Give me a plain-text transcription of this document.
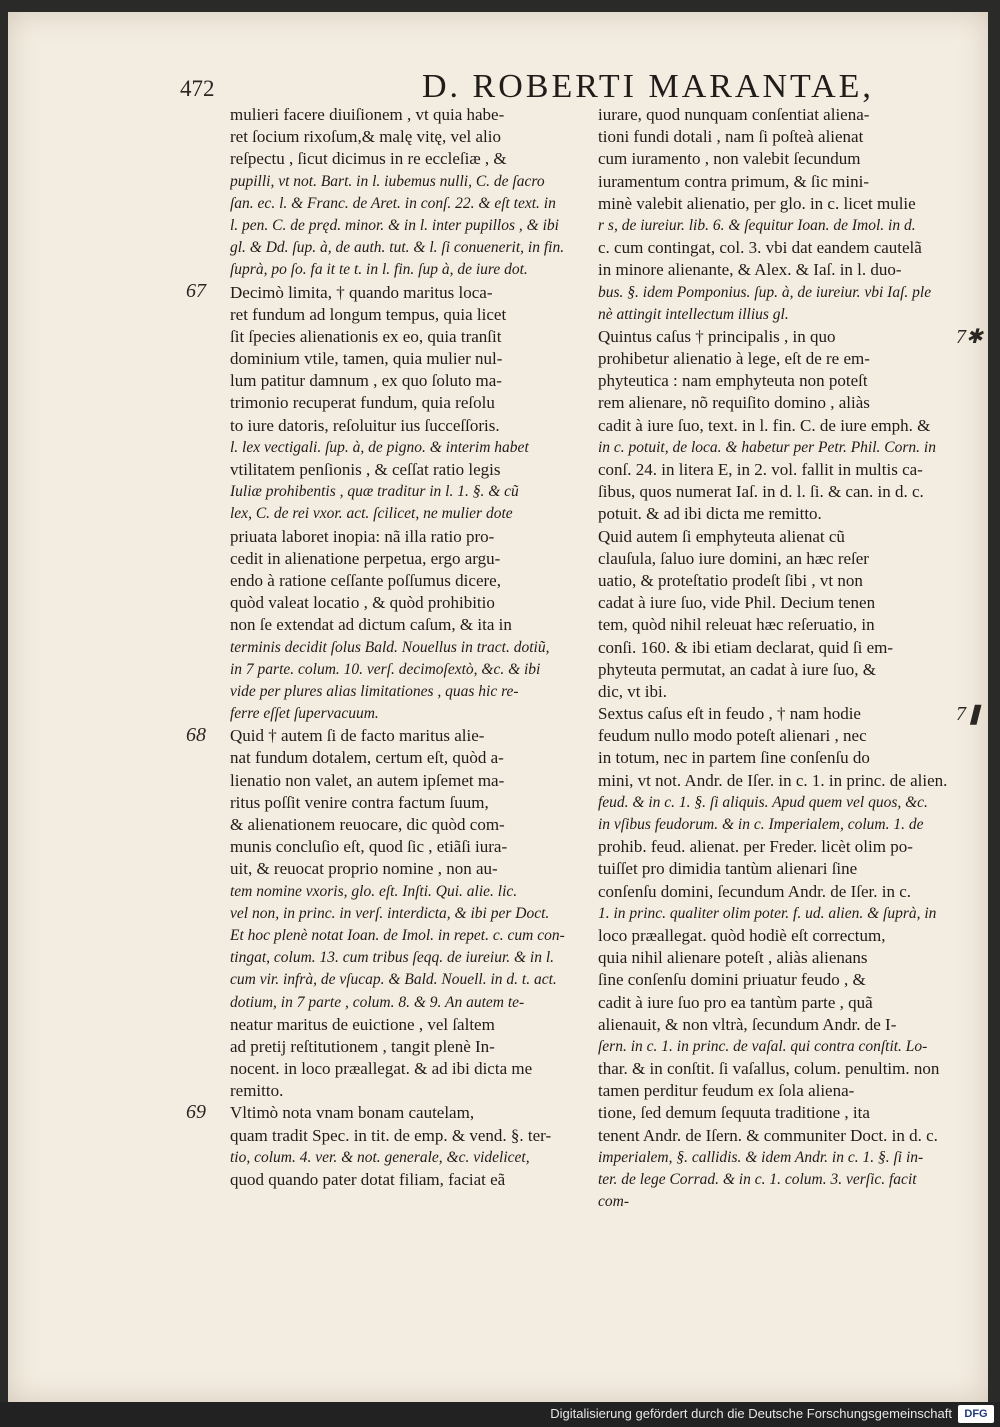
472	D. ROBERTI MARANTAE,
mulieri facere diuiſionem , vt quia habe-
ret ſocium rixoſum,& malę vitę, vel alio
reſpectu , ſicut dicimus in re eccleſiæ , &
pupilli, vt not. Bart. in l. iubemus nulli, C. de ſacro
ſan. ec. l. & Franc. de Aret. in conſ. 22. & eſt text. in
l. pen. C. de pręd. minor. & in l. inter pupillos , & ibi
gl. & Dd. ſup. à, de auth. tut. & l. ſi conuenerit, in fin.
ſuprà, po ſo. fa it te t. in l. fin. ſup à, de iure dot.
Decimò limita, † quando maritus loca-
ret fundum ad longum tempus, quia licet
ſit ſpecies alienationis ex eo, quia tranſit
dominium vtile, tamen, quia mulier nul-
lum patitur damnum , ex quo ſoluto ma-
trimonio recuperat fundum, quia reſolu
to iure datoris, reſoluitur ius ſucceſſoris.
l. lex vectigali. ſup. à, de pigno. & interim habet
vtilitatem penſionis , & ceſſat ratio legis
Iuliæ prohibentis , quæ traditur in l. 1. §. & cũ
lex, C. de rei vxor. act. ſcilicet, ne mulier dote
priuata laboret inopia: nã illa ratio pro-
cedit in alienatione perpetua, ergo argu-
endo à ratione ceſſante poſſumus dicere,
quòd valeat locatio , & quòd prohibitio
non ſe extendat ad dictum caſum, & ita in
terminis decidit ſolus Bald. Nouellus in tract. dotiũ,
in 7 parte. colum. 10. verſ. decimoſextò, &c. & ibi
vide per plures alias limitationes , quas hic re-
ferre eſſet ſupervacuum.
Quid † autem ſi de facto maritus alie-
nat fundum dotalem, certum eſt, quòd a-
lienatio non valet, an autem ipſemet ma-
ritus poſſit venire contra factum ſuum,
& alienationem reuocare, dic quòd com-
munis concluſio eſt, quod ſic , etiãſi iura-
uit, & reuocat proprio nomine , non au-
tem nomine vxoris, glo. eſt. Inſti. Qui. alie. lic.
vel non, in princ. in verſ. interdicta, & ibi per Doct.
Et hoc plenè notat Ioan. de Imol. in repet. c. cum con-
tingat, colum. 13. cum tribus ſeqq. de iureiur. & in l.
cum vir. infrà, de vſucap. & Bald. Nouell. in d. t. act.
dotium, in 7 parte , colum. 8. & 9. An autem te-
neatur maritus de euictione , vel ſaltem
ad pretij reſtitutionem , tangit plenè In-
nocent. in loco præallegat. & ad ibi dicta me
remitto.
Vltimò nota vnam bonam cautelam,
quam tradit Spec. in tit. de emp. & vend. §. ter-
tio, colum. 4. ver. & not. generale, &c. videlicet,
quod quando pater dotat filiam, faciat eã
iurare, quod nunquam conſentiat aliena-
tioni fundi dotali , nam ſi poſteà alienat
cum iuramento , non valebit ſecundum
iuramentum contra primum, & ſic mini-
minè valebit alienatio, per glo. in c. licet mulie
r s, de iureiur. lib. 6. & ſequitur Ioan. de Imol. in d.
c. cum contingat, col. 3. vbi dat eandem cautelã
in minore alienante, & Alex. & Iaſ. in l. duo-
bus. §. idem Pomponius. ſup. à, de iureiur. vbi Iaſ. ple
nè attingit intellectum illius gl.
Quintus caſus † principalis , in quo
prohibetur alienatio à lege, eſt de re em-
phyteutica : nam emphyteuta non poteſt
rem alienare, nõ requiſito domino , aliàs
cadit à iure ſuo, text. in l. fin. C. de iure emph. &
in c. potuit, de loca. & habetur per Petr. Phil. Corn. in
conſ. 24. in litera E, in 2. vol. fallit in multis ca-
ſibus, quos numerat Iaſ. in d. l. ſi. & can. in d. c.
potuit. & ad ibi dicta me remitto.
Quid autem ſi emphyteuta alienat cũ
clauſula, ſaluo iure domini, an hæc reſer
uatio, & proteſtatio prodeſt ſibi , vt non
cadat à iure ſuo, vide Phil. Decium tenen
tem, quòd nihil releuat hæc reſeruatio, in
conſi. 160. & ibi etiam declarat, quid ſi em-
phyteuta permutat, an cadat à iure ſuo, &
dic, vt ibi.
Sextus caſus eſt in feudo , † nam hodie
feudum nullo modo poteſt alienari , nec
in totum, nec in partem ſine conſenſu do
mini, vt not. Andr. de Iſer. in c. 1. in princ. de alien.
feud. & in c. 1. §. ſi aliquis. Apud quem vel quos, &c.
in vſibus feudorum. & in c. Imperialem, colum. 1. de
prohib. feud. alienat. per Freder. licèt olim po-
tuiſſet pro dimidia tantùm alienari ſine
conſenſu domini, ſecundum Andr. de Iſer. in c.
1. in princ. qualiter olim poter. f. ud. alien. & ſuprà, in
loco præallegat. quòd hodiè eſt correctum,
quia nihil alienare poteſt , aliàs alienans
ſine conſenſu domini priuatur feudo , &
cadit à iure ſuo pro ea tantùm parte , quã
alienauit, & non vltrà, ſecundum Andr. de I-
ſern. in c. 1. in princ. de vaſal. qui contra conſtit. Lo-
thar. & in conſtit. ſi vaſallus, colum. penultim. non
tamen perditur feudum ex ſola aliena-
tione, ſed demum ſequuta traditione , ita
tenent Andr. de Iſern. & communiter Doct. in d. c.
imperialem, §. callidis. & idem Andr. in c. 1. §. ſi in-
ter. de lege Corrad. & in c. 1. colum. 3. verſic. facit
com-
67
68
69
7✱
7❚
Digitalisierung gefördert durch die Deutsche Forschungsgemeinschaft	DFG
